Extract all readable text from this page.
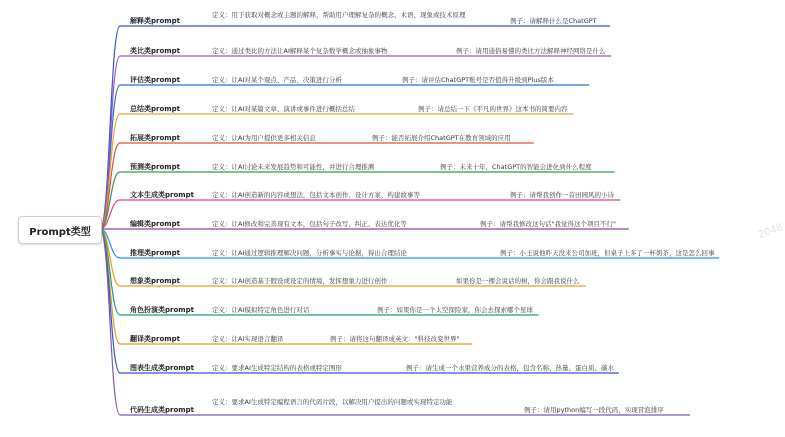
Prompt类型
解释类prompt
定义：用于获取对概念或主题的解释，帮助用户理解复杂的概念、术语、现象或技术原理
例子：请解释什么是ChatGPT
类比类prompt	定义：通过类比的方法让AI解释某个复杂数学概念或抽象事物	例子：请用通俗易懂的类比方法解释神经网络是什么
评估类prompt	定义：让AI对某个观点、产品、决策进行分析	例子：请评估ChatGPT账号是否值得升级到Plus版本
总结类prompt	定义：让AI对某篇文章、演讲或事件进行概括总结	例子：请总结一下《平凡的世界》这本书的简要内容
拓展类prompt	定义：让AI为用户提供更多相关信息	例子：能否拓展介绍ChatGPT在教育领域的应用
预测类prompt	定义：让AI讨论未来发展趋势和可能性，并进行合理推测	例子：未来十年，ChatGPT的智能会进化到什么程度
文本生成类prompt	定义：让AI创造新的内容或想法，包括文本创作、设计方案、构建故事等	例子：请帮我创作一首田园风的小诗
编辑类prompt	定义：让AI修改和完善现有文本，包括句子改写、纠正、表达优化等	例子：请帮我修改这句话"我觉得这个项目不行"
推理类prompt	定义：让AI通过逻辑推理解决问题，分析事实与论据，得出合理结论	例子：小王说他昨天没来公司加班，但桌子上多了一杯奶茶，这是怎么回事
想象类prompt	定义：让AI创造基于假设或设定的情境，发挥想象力进行创作	如果你是一棵会说话的树，你会跟我说什么
角色扮演类prompt	定义：让AI模拟特定角色进行对话	例子：如果你是一个太空探险家，你会去探索哪个星球
翻译类prompt	定义：让AI实现语言翻译	例子：请将这句翻译成英文："科技改变世界"
图表生成类prompt	定义：要求AI生成特定结构的表格或特定图形	例子：请生成一个水果营养成分的表格，包含名称、热量、蛋白质、碳水
代码生成类prompt
定义：要求AI生成特定编程语言的代码片段，以解决用户提出的问题或实现特定功能
例子：请用python编写一段代码，实现冒泡排序
2048
